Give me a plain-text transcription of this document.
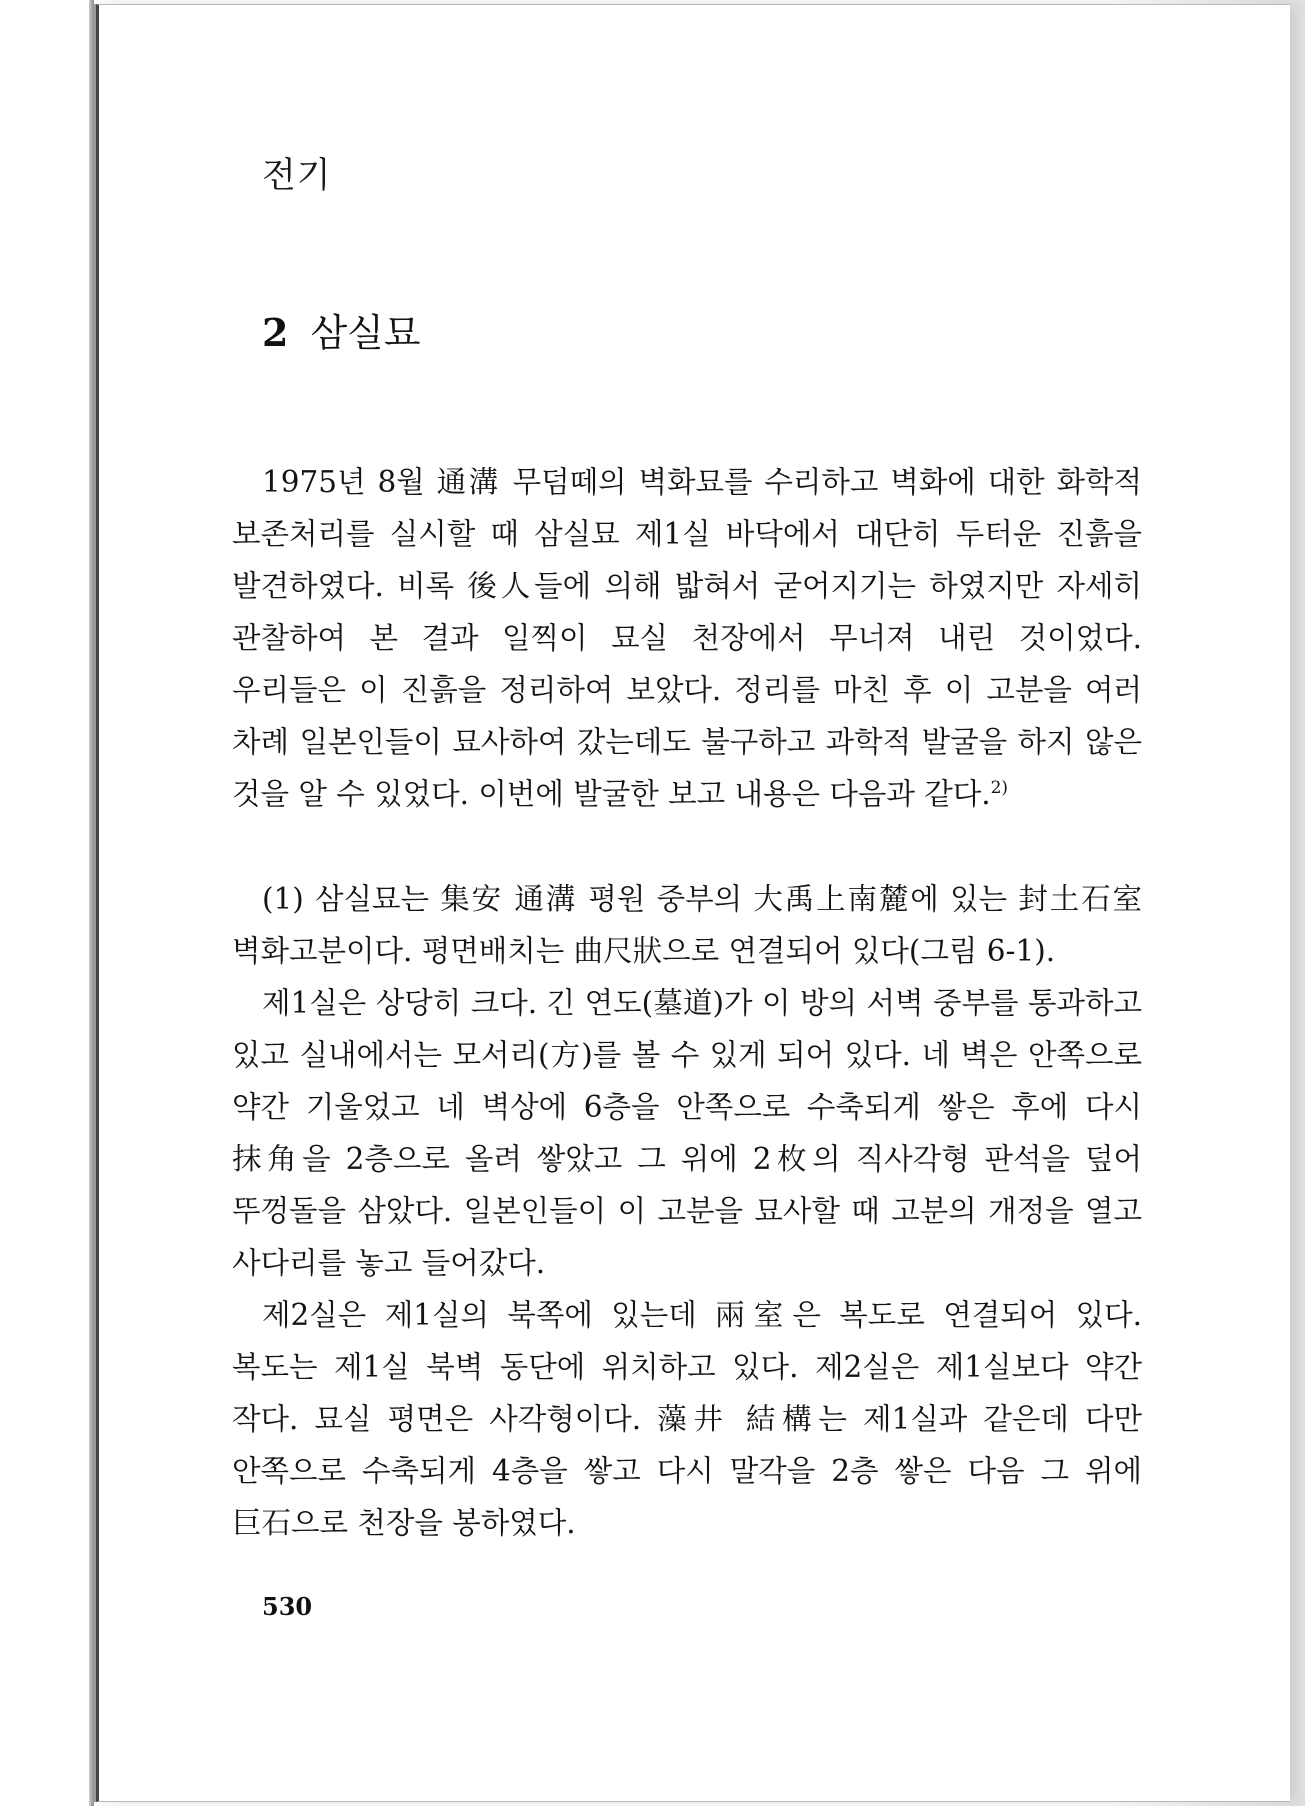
전기
2 삼실묘

1975년 8월 通溝 무덤떼의 벽화묘를 수리하고 벽화에 대한 화학적 보존처리를 실시할 때 삼실묘 제1실 바닥에서 대단히 두터운 진흙을 발견하였다. 비록 後人들에 의해 밟혀서 굳어지기는 하였지만 자세히 관찰하여 본 결과 일찍이 묘실 천장에서 무너져 내린 것이었다. 우리들은 이 진흙을 정리하여 보았다. 정리를 마친 후 이 고분을 여러 차례 일본인들이 묘사하여 갔는데도 불구하고 과학적 발굴을 하지 않은 것을 알 수 있었다. 이번에 발굴한 보고 내용은 다음과 같다.$^{2)}$

(1) 삼실묘는 集安 通溝 평원 중부의 大禹上南麓에 있는 封土石室 벽화고분이다. 평면배치는 曲尺狀으로 연결되어 있다(그림 6-1).

제1실은 상당히 크다. 긴 연도(墓道)가 이 방의 서벽 중부를 통과하고 있고 실내에서는 모서리(方)를 볼 수 있게 되어 있다. 네 벽은 안쪽으로 약간 기울었고 네 벽상에 6층을 안쪽으로 수축되게 쌓은 후에 다시 抹角을 2층으로 올려 쌓았고 그 위에 2枚의 직사각형 판석을 덮어 뚜껑돌을 삼았다. 일본인들이 이 고분을 묘사할 때 고분의 개정을 열고 사다리를 놓고 들어갔다.

제2실은 제1실의 북쪽에 있는데 兩室은 복도로 연결되어 있다. 복도는 제1실 북벽 동단에 위치하고 있다. 제2실은 제1실보다 약간 작다. 묘실 평면은 사각형이다. 藻井 結構는 제1실과 같은데 다만 안쪽으로 수축되게 4층을 쌓고 다시 말각을 2층 쌓은 다음 그 위에 巨石으로 천장을 봉하였다.

530
